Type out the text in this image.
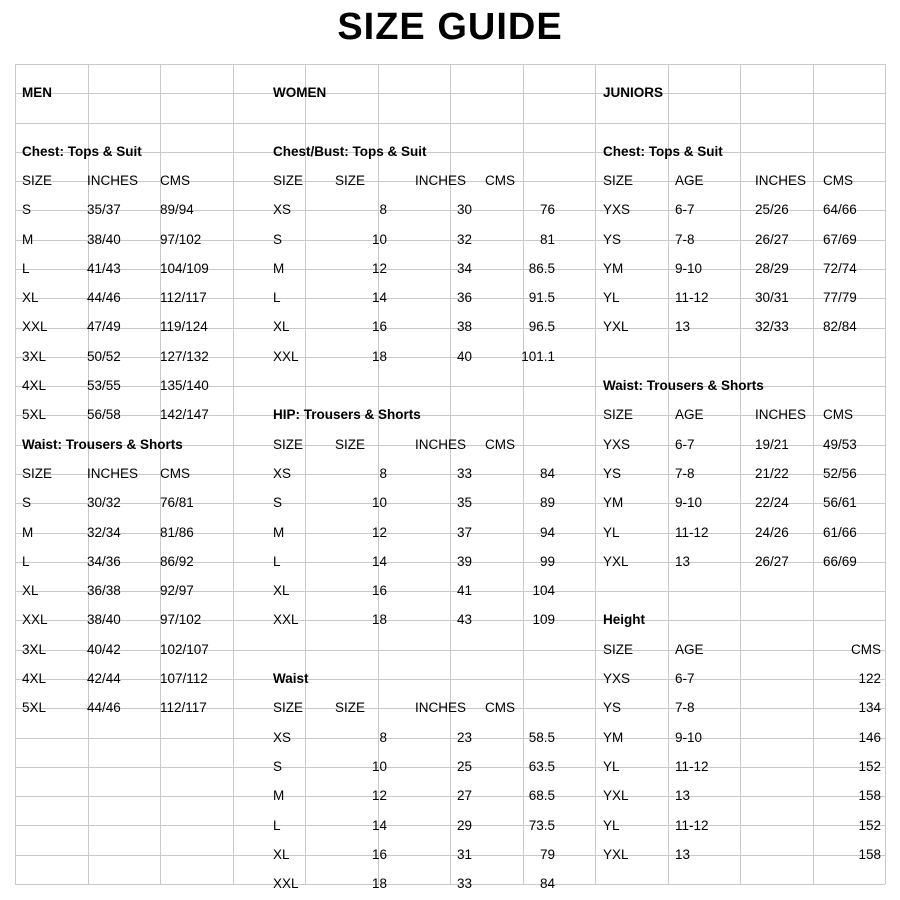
SIZE GUIDE
MEN
Chest: Tops & Suit
SIZE	INCHES CMS
S	35/37	89/94
M	38/40	97/102
L	41/43	104/109
XL	44/46	112/117
XXL	47/49	119/124
3XL	50/52	127/132
4XL	53/55	135/140
5XL	56/58	142/147
Waist: Trousers & Shorts
SIZE	INCHES CMS
S	30/32	76/81
M	32/34	81/86
L	34/36	86/92
XL	36/38	92/97
XXL	38/40	97/102
3XL	40/42	102/107
4XL	42/44	107/112
5XL	44/46	112/117
WOMEN
Chest/Bust: Tops & Suit
SIZE SIZE	INCHES CMS
XS	8	30	76
S	10	32	81
M	12	34	86.5
L	14	36	91.5
XL	16	38	96.5
XXL	18	40	101.1
HIP: Trousers & Shorts
SIZE SIZE	INCHES CMS
XS	8	33	84
S	10	35	89
M	12	37	94
L	14	39	99
XL	16	41	104
XXL	18	43	109
Waist
SIZE SIZE	INCHES CMS
XS	8	23	58.5
S	10	25	63.5
M	12	27	68.5
L	14	29	73.5
XL	16	31	79
XXL	18	33	84
JUNIORS
Chest: Tops & Suit
SIZE	AGE	INCHES CMS
YXS	6-7	25/26	64/66
YS	7-8	26/27	67/69
YM	9-10	28/29	72/74
YL	11-12	30/31	77/79
YXL	13	32/33	82/84
Waist: Trousers & Shorts
SIZE	AGE	INCHES CMS
YXS	6-7	19/21	49/53
YS	7-8	21/22	52/56
YM	9-10	22/24	56/61
YL	11-12	24/26	61/66
YXL	13	26/27	66/69
Height
SIZE	AGE	CMS
YXS	6-7	122
YS	7-8	134
YM	9-10	146
YL	11-12	152
YXL	13	158
YL	11-12	152
YXL	13	158
